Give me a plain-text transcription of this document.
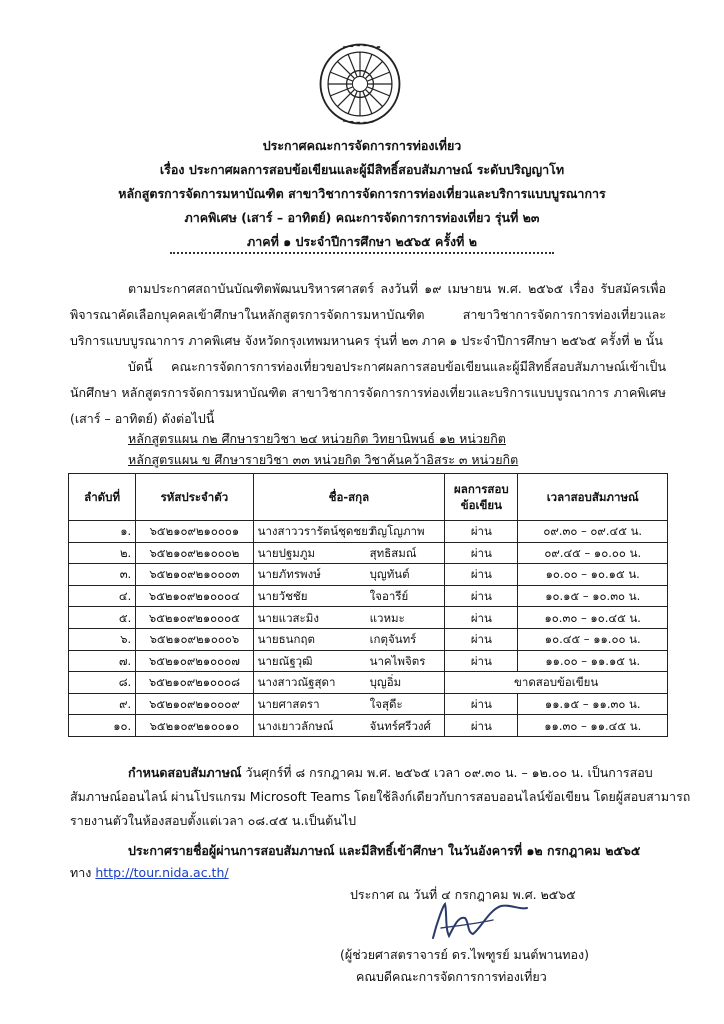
ประกาศคณะการจัดการการท่องเที่ยว
เรื่อง ประกาศผลการสอบข้อเขียนและผู้มีสิทธิ์สอบสัมภาษณ์ ระดับปริญญาโท
หลักสูตรการจัดการมหาบัณฑิต สาขาวิชาการจัดการการท่องเที่ยวและบริการแบบบูรณาการ
ภาคพิเศษ (เสาร์ – อาทิตย์) คณะการจัดการการท่องเที่ยว รุ่นที่ ๒๓
ภาคที่ ๑ ประจำปีการศึกษา ๒๕๖๕ ครั้งที่ ๒
ตามประกาศสถาบันบัณฑิตพัฒนบริหารศาสตร์ ลงวันที่ ๑๙ เมษายน พ.ศ. ๒๕๖๕ เรื่อง รับสมัครเพื่อพิจารณาคัดเลือกบุคคลเข้าศึกษาในหลักสูตรการจัดการมหาบัณฑิต สาขาวิชาการจัดการการท่องเที่ยวและบริการแบบบูรณาการ ภาคพิเศษ จังหวัดกรุงเทพมหานคร รุ่นที่ ๒๓ ภาค ๑ ประจำปีการศึกษา ๒๕๖๕ ครั้งที่ ๒ นั้น
บัดนี้ คณะการจัดการการท่องเที่ยวขอประกาศผลการสอบข้อเขียนและผู้มีสิทธิ์สอบสัมภาษณ์เข้าเป็นนักศึกษา หลักสูตรการจัดการมหาบัณฑิต สาขาวิชาการจัดการการท่องเที่ยวและบริการแบบบูรณาการ ภาคพิเศษ (เสาร์ – อาทิตย์) ดังต่อไปนี้
หลักสูตรแผน ก๒ ศึกษารายวิชา ๒๔ หน่วยกิต วิทยานิพนธ์ ๑๒ หน่วยกิต
หลักสูตรแผน ข ศึกษารายวิชา ๓๓ หน่วยกิต วิชาค้นคว้าอิสระ ๓ หน่วยกิต
ลำดับที่	รหัสประจำตัว	ชื่อ-สกุล	ผลการสอบข้อเขียน	เวลาสอบสัมภาษณ์
๑.	๖๕๒๑๐๙๒๑๐๐๐๑	นางสาววรารัตน์ชุดชยาภิญโญภาพ	ผ่าน	๐๙.๓๐ – ๐๙.๔๕ น.
๒.	๖๕๒๑๐๙๒๑๐๐๐๒	นายปฐมภูม สุทธิสมณ์	ผ่าน	๐๙.๔๕ – ๑๐.๐๐ น.
๓.	๖๕๒๑๐๙๒๑๐๐๐๓	นายภัทรพงษ์ บุญทันต์	ผ่าน	๑๐.๐๐ – ๑๐.๑๕ น.
๔.	๖๕๒๑๐๙๒๑๐๐๐๔	นายวัชชัย ใจอารีย์	ผ่าน	๑๐.๑๕ – ๑๐.๓๐ น.
๕.	๖๕๒๑๐๙๒๑๐๐๐๕	นายแวสะมิง แวหมะ	ผ่าน	๑๐.๓๐ – ๑๐.๔๕ น.
๖.	๖๕๒๑๐๙๒๑๐๐๐๖	นายธนกฤต เกตุจันทร์	ผ่าน	๑๐.๔๕ – ๑๑.๐๐ น.
๗.	๖๕๒๑๐๙๒๑๐๐๐๗	นายณัฐวุฒิ นาคไพจิตร	ผ่าน	๑๑.๐๐ – ๑๑.๑๕ น.
๘.	๖๕๒๑๐๙๒๑๐๐๐๘	นางสาวณัฐสุดา บุญอิ่ม	ขาดสอบข้อเขียน	
๙.	๖๕๒๑๐๙๒๑๐๐๐๙	นายศาสตรา ใจสุดีะ	ผ่าน	๑๑.๑๕ – ๑๑.๓๐ น.
๑๐.	๖๕๒๑๐๙๒๑๐๐๑๐	นางเยาวลักษณ์ จันทร์ศรีวงศ์	ผ่าน	๑๑.๓๐ – ๑๑.๔๕ น.
กำหนดสอบสัมภาษณ์ วันศุกร์ที่ ๘ กรกฎาคม พ.ศ. ๒๕๖๕ เวลา ๐๙.๓๐ น. – ๑๒.๐๐ น. เป็นการสอบ
สัมภาษณ์ออนไลน์ ผ่านโปรแกรม Microsoft Teams โดยใช้ลิงก์เดียวกับการสอบออนไลน์ข้อเขียน โดยผู้สอบสามารถ
รายงานตัวในห้องสอบตั้งแต่เวลา ๐๘.๔๕ น.เป็นต้นไป
ประกาศรายชื่อผู้ผ่านการสอบสัมภาษณ์ และมีสิทธิ์เข้าศึกษา ในวันอังคารที่ ๑๒ กรกฎาคม ๒๕๖๕
ทาง http://tour.nida.ac.th/
ประกาศ ณ วันที่ ๔ กรกฎาคม พ.ศ. ๒๕๖๕
(ผู้ช่วยศาสตราจารย์ ดร.ไพฑูรย์ มนต์พานทอง)
คณบดีคณะการจัดการการท่องเที่ยว
